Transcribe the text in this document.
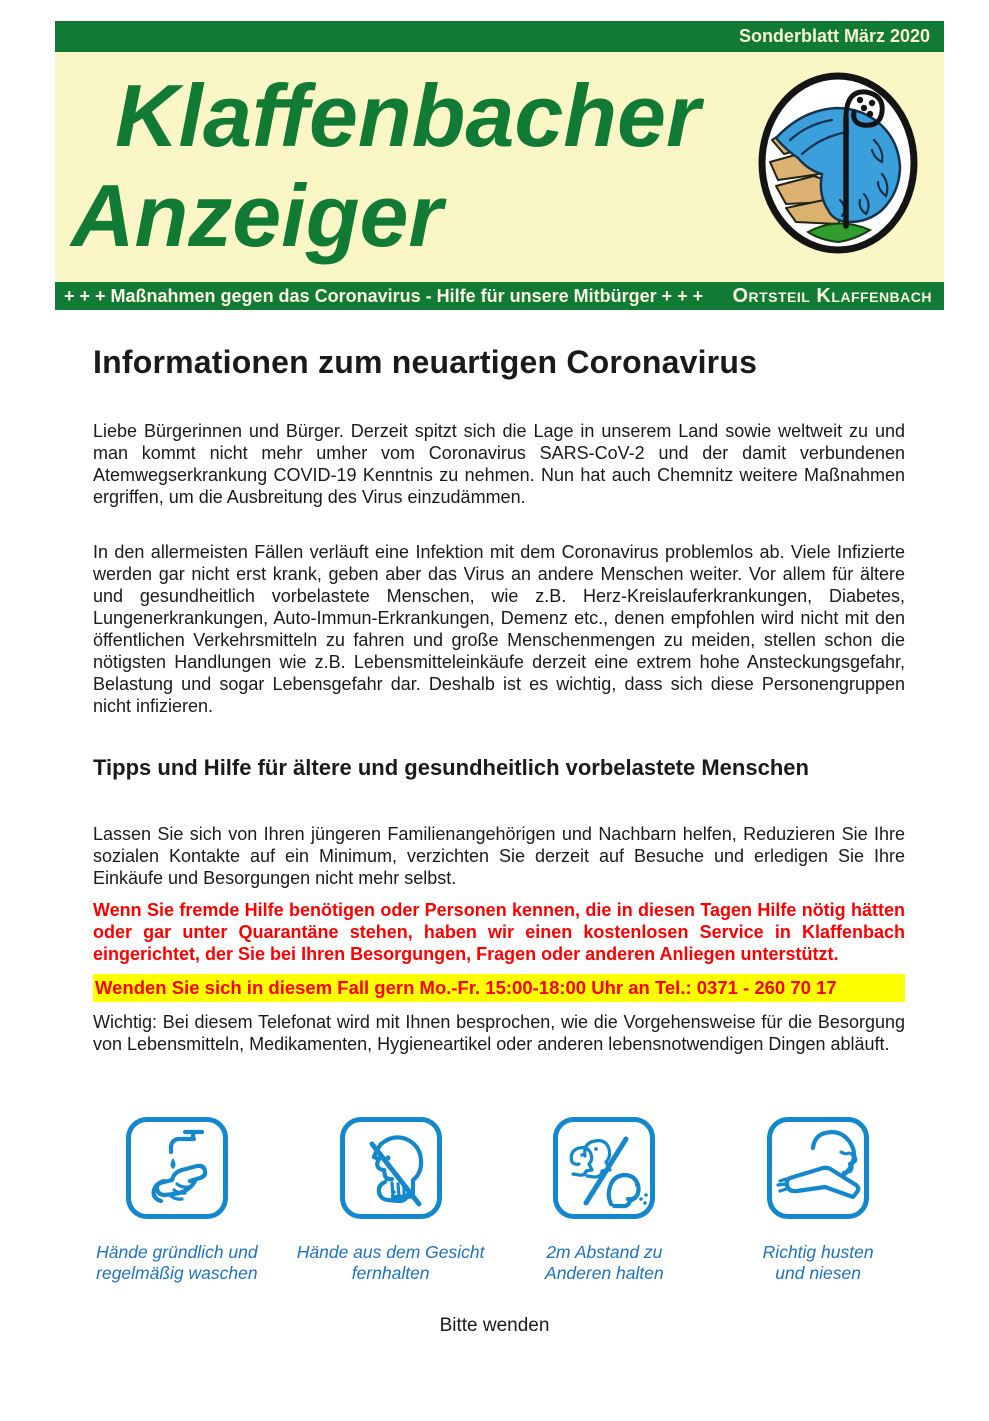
Sonderblatt März 2020
Klaffenbacher
Anzeiger
+ + + Maßnahmen gegen das Coronavirus - Hilfe für unsere Mitbürger + + + Ortsteil Klaffenbach
Informationen zum neuartigen Coronavirus

Liebe Bürgerinnen und Bürger. Derzeit spitzt sich die Lage in unserem Land sowie weltweit zu und man kommt nicht mehr umher vom Coronavirus SARS-CoV-2 und der damit verbundenen Atemwegserkrankung COVID-19 Kenntnis zu nehmen. Nun hat auch Chemnitz weitere Maßnahmen ergriffen, um die Ausbreitung des Virus einzudämmen.

In den allermeisten Fällen verläuft eine Infektion mit dem Coronavirus problemlos ab. Viele Infizierte werden gar nicht erst krank, geben aber das Virus an andere Menschen weiter. Vor allem für ältere und gesundheitlich vorbelastete Menschen, wie z.B. Herz-Kreislauferkrankungen, Diabetes, Lungenerkrankungen, Auto-Immun-Erkrankungen, Demenz etc., denen empfohlen wird nicht mit den öffentlichen Verkehrsmitteln zu fahren und große Menschenmengen zu meiden, stellen schon die nötigsten Handlungen wie z.B. Lebensmitteleinkäufe derzeit eine extrem hohe Ansteckungsgefahr, Belastung und sogar Lebensgefahr dar. Deshalb ist es wichtig, dass sich diese Personengruppen nicht infizieren.

Tipps und Hilfe für ältere und gesundheitlich vorbelastete Menschen

Lassen Sie sich von Ihren jüngeren Familienangehörigen und Nachbarn helfen, Reduzieren Sie Ihre sozialen Kontakte auf ein Minimum, verzichten Sie derzeit auf Besuche und erledigen Sie Ihre Einkäufe und Besorgungen nicht mehr selbst.

Wenn Sie fremde Hilfe benötigen oder Personen kennen, die in diesen Tagen Hilfe nötig hätten oder gar unter Quarantäne stehen, haben wir einen kostenlosen Service in Klaffenbach eingerichtet, der Sie bei Ihren Besorgungen, Fragen oder anderen Anliegen unterstützt.

Wenden Sie sich in diesem Fall gern Mo.-Fr. 15:00-18:00 Uhr an Tel.: 0371 - 260 70 17

Wichtig: Bei diesem Telefonat wird mit Ihnen besprochen, wie die Vorgehensweise für die Besorgung von Lebensmitteln, Medikamenten, Hygieneartikel oder anderen lebensnotwendigen Dingen abläuft.

Hände gründlich und
regelmäßig waschen
Hände aus dem Gesicht
fernhalten
2m Abstand zu
Anderen halten
Richtig husten
und niesen
Bitte wenden
